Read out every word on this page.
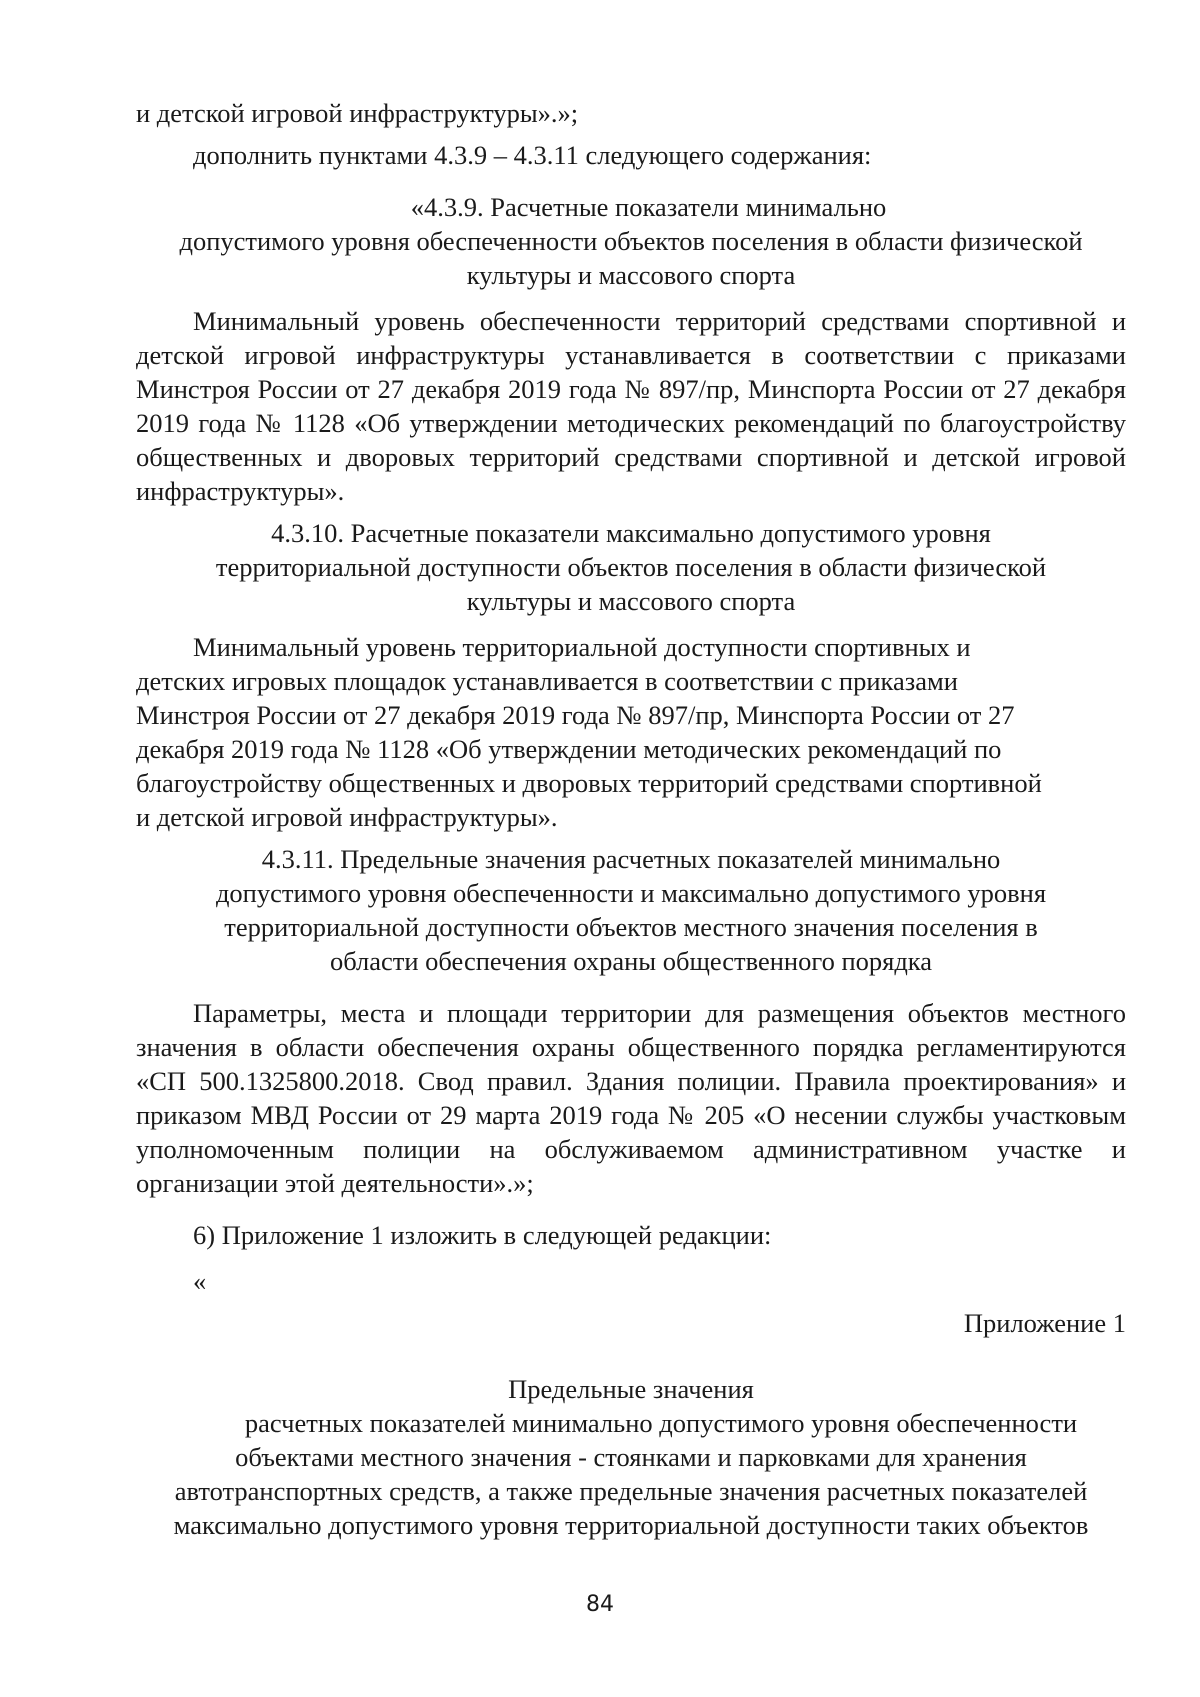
и детской игровой инфраструктуры».»;

дополнить пунктами 4.3.9 – 4.3.11 следующего содержания:

«4.3.9. Расчетные показатели минимально
допустимого уровня обеспеченности объектов поселения в области физической
культуры и массового спорта

Минимальный уровень обеспеченности территорий средствами спортивной и детской игровой инфраструктуры устанавливается в соответствии с приказами Минстроя России от 27 декабря 2019 года № 897/пр, Минспорта России от 27 декабря 2019 года № 1128 «Об утверждении методических рекомендаций по благоустройству общественных и дворовых территорий средствами спортивной и детской игровой инфраструктуры».

4.3.10. Расчетные показатели максимально допустимого уровня
территориальной доступности объектов поселения в области физической
культуры и массового спорта
Минимальный уровень территориальной доступности спортивных и
детских игровых площадок устанавливается в соответствии с приказами
Минстроя России от 27 декабря 2019 года № 897/пр, Минспорта России от 27
декабря 2019 года № 1128 «Об утверждении методических рекомендаций по
благоустройству общественных и дворовых территорий средствами спортивной
и детской игровой инфраструктуры».
4.3.11. Предельные значения расчетных показателей минимально
допустимого уровня обеспеченности и максимально допустимого уровня
территориальной доступности объектов местного значения поселения в
области обеспечения охраны общественного порядка

Параметры, места и площади территории для размещения объектов местного значения в области обеспечения охраны общественного порядка регламентируются «СП 500.1325800.2018. Свод правил. Здания полиции. Правила проектирования» и приказом МВД России от 29 марта 2019 года № 205 «О несении службы участковым уполномоченным полиции на обслуживаемом административном участке и организации этой деятельности».»;

6) Приложение 1 изложить в следующей редакции:

«

Приложение 1

Предельные значения
расчетных показателей минимально допустимого уровня обеспеченности
объектами местного значения - стоянками и парковками для хранения
автотранспортных средств, а также предельные значения расчетных показателей
максимально допустимого уровня территориальной доступности таких объектов
84
